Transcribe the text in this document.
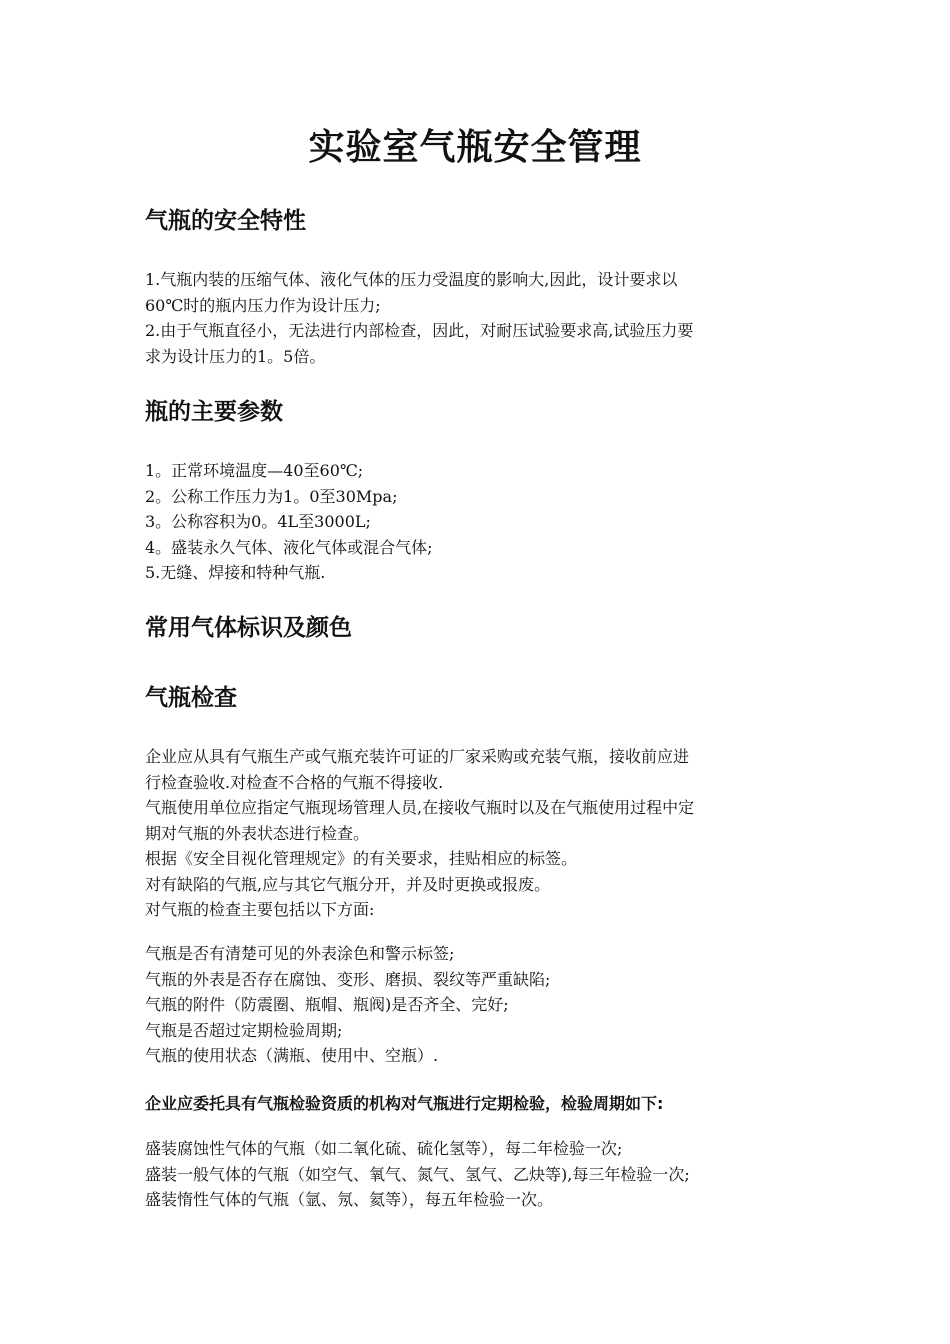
实验室气瓶安全管理
气瓶的安全特性
1.气瓶内装的压缩气体、液化气体的压力受温度的影响大,因此，设计要求以
60℃时的瓶内压力作为设计压力;
2.由于气瓶直径小，无法进行内部检查，因此，对耐压试验要求高,试验压力要
求为设计压力的1。5倍。
瓶的主要参数
1。正常环境温度—40至60℃;
2。公称工作压力为1。0至30Mpa;
3。公称容积为0。4L至3000L;
4。盛装永久气体、液化气体或混合气体;
5.无缝、焊接和特种气瓶.
常用气体标识及颜色
气瓶检查
企业应从具有气瓶生产或气瓶充装许可证的厂家采购或充装气瓶，接收前应进
行检查验收.对检查不合格的气瓶不得接收.
气瓶使用单位应指定气瓶现场管理人员,在接收气瓶时以及在气瓶使用过程中定
期对气瓶的外表状态进行检查。
根据《安全目视化管理规定》的有关要求，挂贴相应的标签。
对有缺陷的气瓶,应与其它气瓶分开，并及时更换或报废。
对气瓶的检查主要包括以下方面:
气瓶是否有清楚可见的外表涂色和警示标签;
气瓶的外表是否存在腐蚀、变形、磨损、裂纹等严重缺陷;
气瓶的附件（防震圈、瓶帽、瓶阀)是否齐全、完好;
气瓶是否超过定期检验周期;
气瓶的使用状态（满瓶、使用中、空瓶）.

企业应委托具有气瓶检验资质的机构对气瓶进行定期检验，检验周期如下:

盛装腐蚀性气体的气瓶（如二氧化硫、硫化氢等），每二年检验一次;
盛装一般气体的气瓶（如空气、氧气、氮气、氢气、乙炔等),每三年检验一次;
盛装惰性气体的气瓶（氩、氖、氦等），每五年检验一次。
